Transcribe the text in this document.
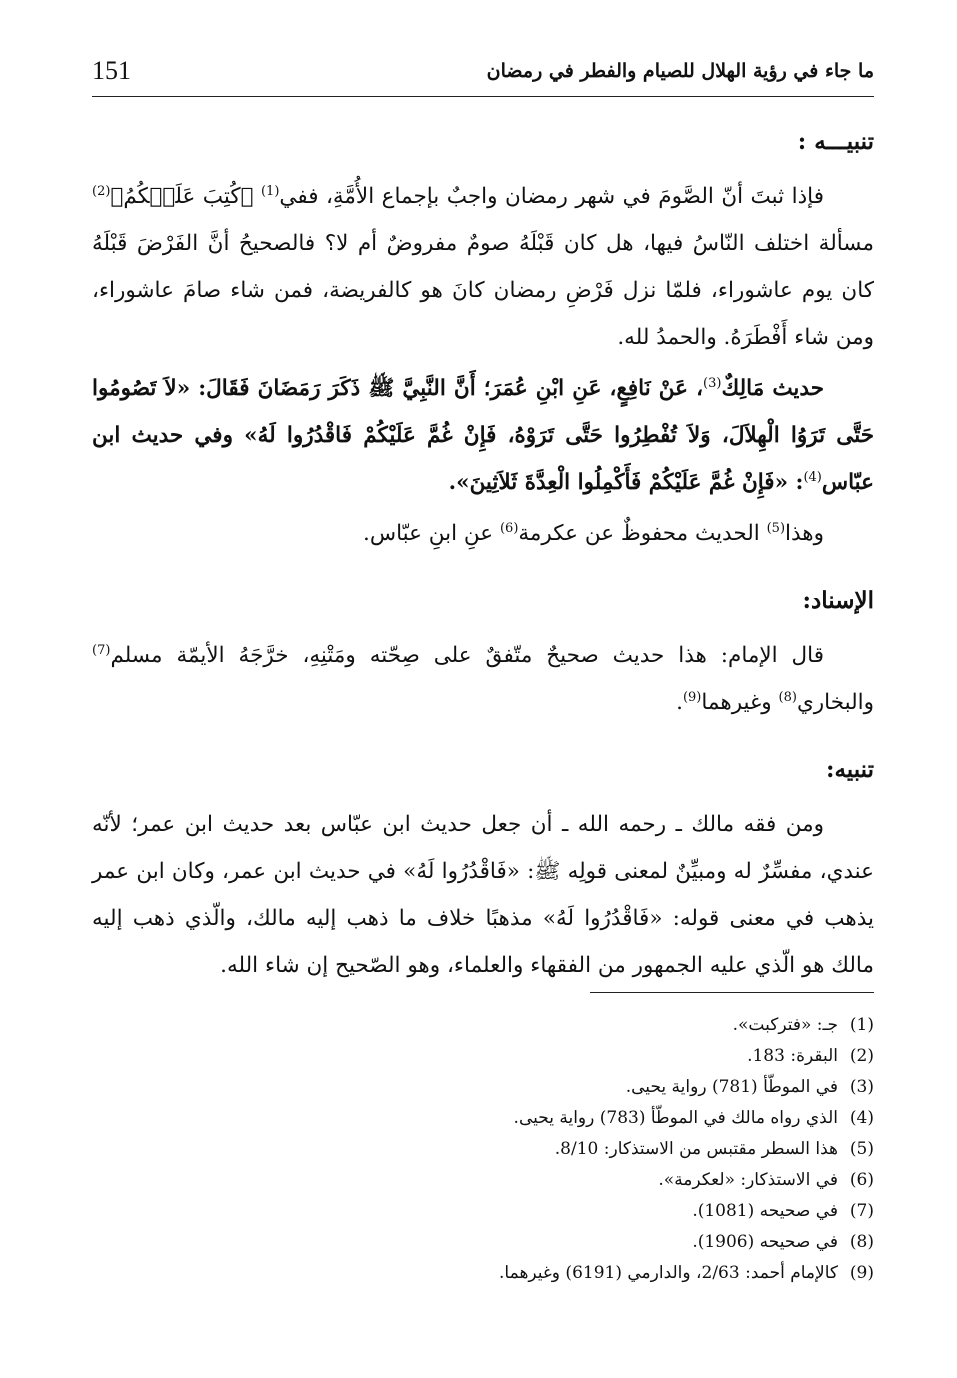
151	ما جاء في رؤية الهلال للصيام والفطر في رمضان
تنبيـــه :

فإذا ثبتَ أنّ الصَّومَ في شهر رمضان واجبٌ بإجماع الأُمَّةِ، ففي$^{(1)}$ ﴿كُتِبَ عَلَيۡكُمُ﴾$^{(2)}$ مسألة اختلف النّاسُ فيها، هل كان قَبْلَهُ صومٌ مفروضٌ أم لا؟ فالصحيحُ أنَّ الفَرْضَ قَبْلَهُ كان يوم عاشوراء، فلمّا نزل فَرْضِ رمضان كانَ هو كالفريضة، فمن شاء صامَ عاشوراء، ومن شاء أَفْطَرَهُ. والحمدُ لله.

حديث مَالِكٌ$^{(3)}$، عَنْ نَافِعٍ، عَنِ ابْنِ عُمَرَ؛ أَنَّ النَّبِيَّ ﷺ ذَكَرَ رَمَضَانَ فَقَالَ: «لاَ تَصُومُوا حَتَّى تَرَوُا الْهِلاَلَ، وَلاَ تُفْطِرُوا حَتَّى تَرَوْهُ، فَإِنْ غُمَّ عَلَيْكُمْ فَاقْدُرُوا لَهُ» وفي حديث ابن عبّاس$^{(4)}$: «فَإِنْ غُمَّ عَلَيْكُمْ فَأَكْمِلُوا الْعِدَّةَ ثَلاَثِينَ».

وهذا$^{(5)}$ الحديث محفوظٌ عن عكرمة$^{(6)}$ عنِ ابنِ عبّاس.

الإسناد:

قال الإمام: هذا حديث صحيحٌ متّفقٌ على صِحّته ومَتْنِهِ، خرَّجَهُ الأيمّة مسلم$^{(7)}$ والبخاري$^{(8)}$ وغيرهما$^{(9)}$.

تنبيه:

ومن فقه مالك ـ رحمه الله ـ أن جعل حديث ابن عبّاس بعد حديث ابن عمر؛ لأنّه عندي، مفسِّرٌ له ومبيِّنٌ لمعنى قولِه ﷺ: «فَاقْدُرُوا لَهُ» في حديث ابن عمر، وكان ابن عمر يذهب في معنى قوله: «فَاقْدُرُوا لَهُ» مذهبًا خلاف ما ذهب إليه مالك، والّذي ذهب إليه مالك هو الّذي عليه الجمهور من الفقهاء والعلماء، وهو الصّحيح إن شاء الله.

(1)جـ: «فتركبت».
(2)البقرة: 183.
(3)في الموطّأ (781) رواية يحيى.
(4)الذي رواه مالك في الموطّأ (783) رواية يحيى.
(5)هذا السطر مقتبس من الاستذكار: 8/10.
(6)في الاستذكار: «لعكرمة».
(7)في صحيحه (1081).
(8)في صحيحه (1906).
(9)كالإمام أحمد: 2/63، والدارمي (6191) وغيرهما.
